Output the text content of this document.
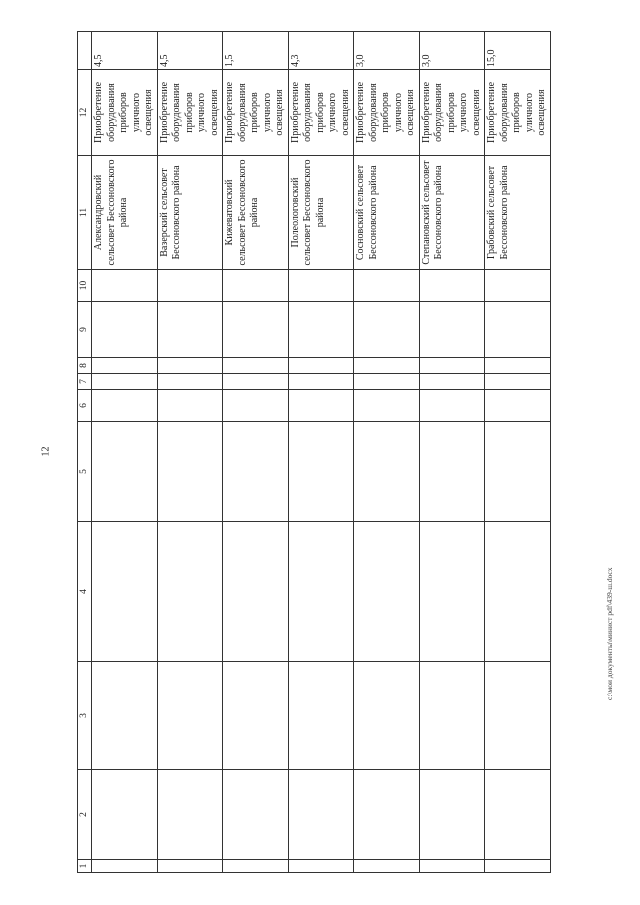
12
1	2	3	4	5	6	7	8	9	10	11	12	
										Александровский сельсовет Бессоновского района	Приобретение оборудования приборов уличного освещения	4,5
										Вазерский сельсовет Бессоновского района	Приобретение оборудования приборов уличного освещения	4,5
										Кижеватовский сельсовет Бессоновского района	Приобретение оборудования приборов уличного освещения	1,5
										Полеологовский сельсовет Бессоновского района	Приобретение оборудования приборов уличного освещения	4,3
										Сосновский сельсовет Бессоновского района	Приобретение оборудования приборов уличного освещения	3,0
										Степановский сельсовет Бессоновского района	Приобретение оборудования приборов уличного освещения	3,0
										Грабовский сельсовет Бессоновского района	Приобретение оборудования приборов уличного освещения	15,0
с:\мои документы\минист pdf\439-ш.docx
